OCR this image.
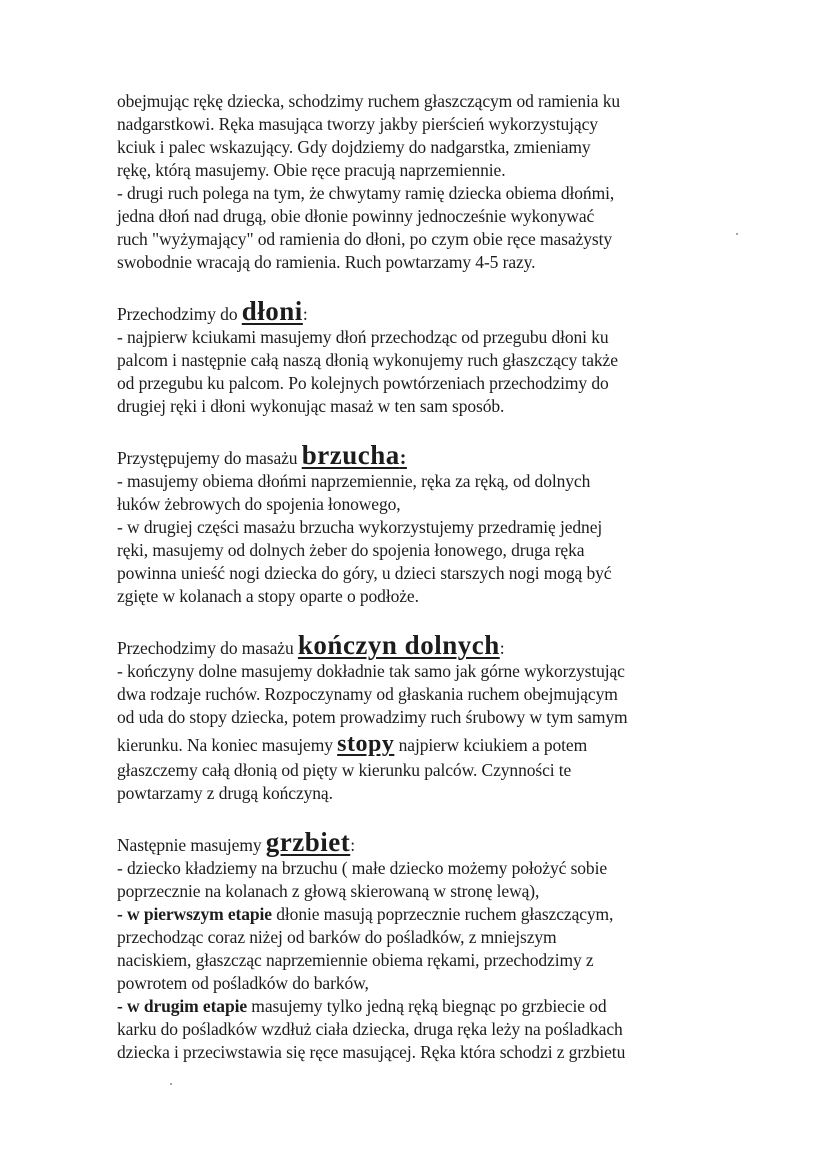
obejmując rękę dziecka, schodzimy ruchem głaszczącym od ramienia ku
nadgarstkowi. Ręka masująca tworzy jakby pierścień wykorzystujący
kciuk i palec wskazujący. Gdy dojdziemy do nadgarstka, zmieniamy
rękę, którą masujemy. Obie ręce pracują naprzemiennie.
- drugi ruch polega na tym, że chwytamy ramię dziecka obiema dłońmi,
jedna dłoń nad drugą, obie dłonie powinny jednocześnie wykonywać
ruch "wyżymający" od ramienia do dłoni, po czym obie ręce masażysty
swobodnie wracają do ramienia. Ruch powtarzamy 4-5 razy.
Przechodzimy do dłoni:
- najpierw kciukami masujemy dłoń przechodząc od przegubu dłoni ku
palcom i następnie całą naszą dłonią wykonujemy ruch głaszczący także
od przegubu ku palcom. Po kolejnych powtórzeniach przechodzimy do
drugiej ręki i dłoni wykonując masaż w ten sam sposób.
Przystępujemy do masażu brzucha:
- masujemy obiema dłońmi naprzemiennie, ręka za ręką, od dolnych
łuków żebrowych do spojenia łonowego,
- w drugiej części masażu brzucha wykorzystujemy przedramię jednej
ręki, masujemy od dolnych żeber do spojenia łonowego, druga ręka
powinna unieść nogi dziecka do góry, u dzieci starszych nogi mogą być
zgięte w kolanach a stopy oparte o podłoże.
Przechodzimy do masażu kończyn dolnych:
- kończyny dolne masujemy dokładnie tak samo jak górne wykorzystując
dwa rodzaje ruchów. Rozpoczynamy od głaskania ruchem obejmującym
od uda do stopy dziecka, potem prowadzimy ruch śrubowy w tym samym
kierunku. Na koniec masujemy stopy najpierw kciukiem a potem
głaszczemy całą dłonią od pięty w kierunku palców. Czynności te
powtarzamy z drugą kończyną.
Następnie masujemy grzbiet:
- dziecko kładziemy na brzuchu ( małe dziecko możemy położyć sobie
poprzecznie na kolanach z głową skierowaną w stronę lewą),
- w pierwszym etapie dłonie masują poprzecznie ruchem głaszczącym,
przechodząc coraz niżej od barków do pośladków, z mniejszym
naciskiem, głaszcząc naprzemiennie obiema rękami, przechodzimy z
powrotem od pośladków do barków,
- w drugim etapie masujemy tylko jedną ręką biegnąc po grzbiecie od
karku do pośladków wzdłuż ciała dziecka, druga ręka leży na pośladkach
dziecka i przeciwstawia się ręce masującej. Ręka która schodzi z grzbietu
